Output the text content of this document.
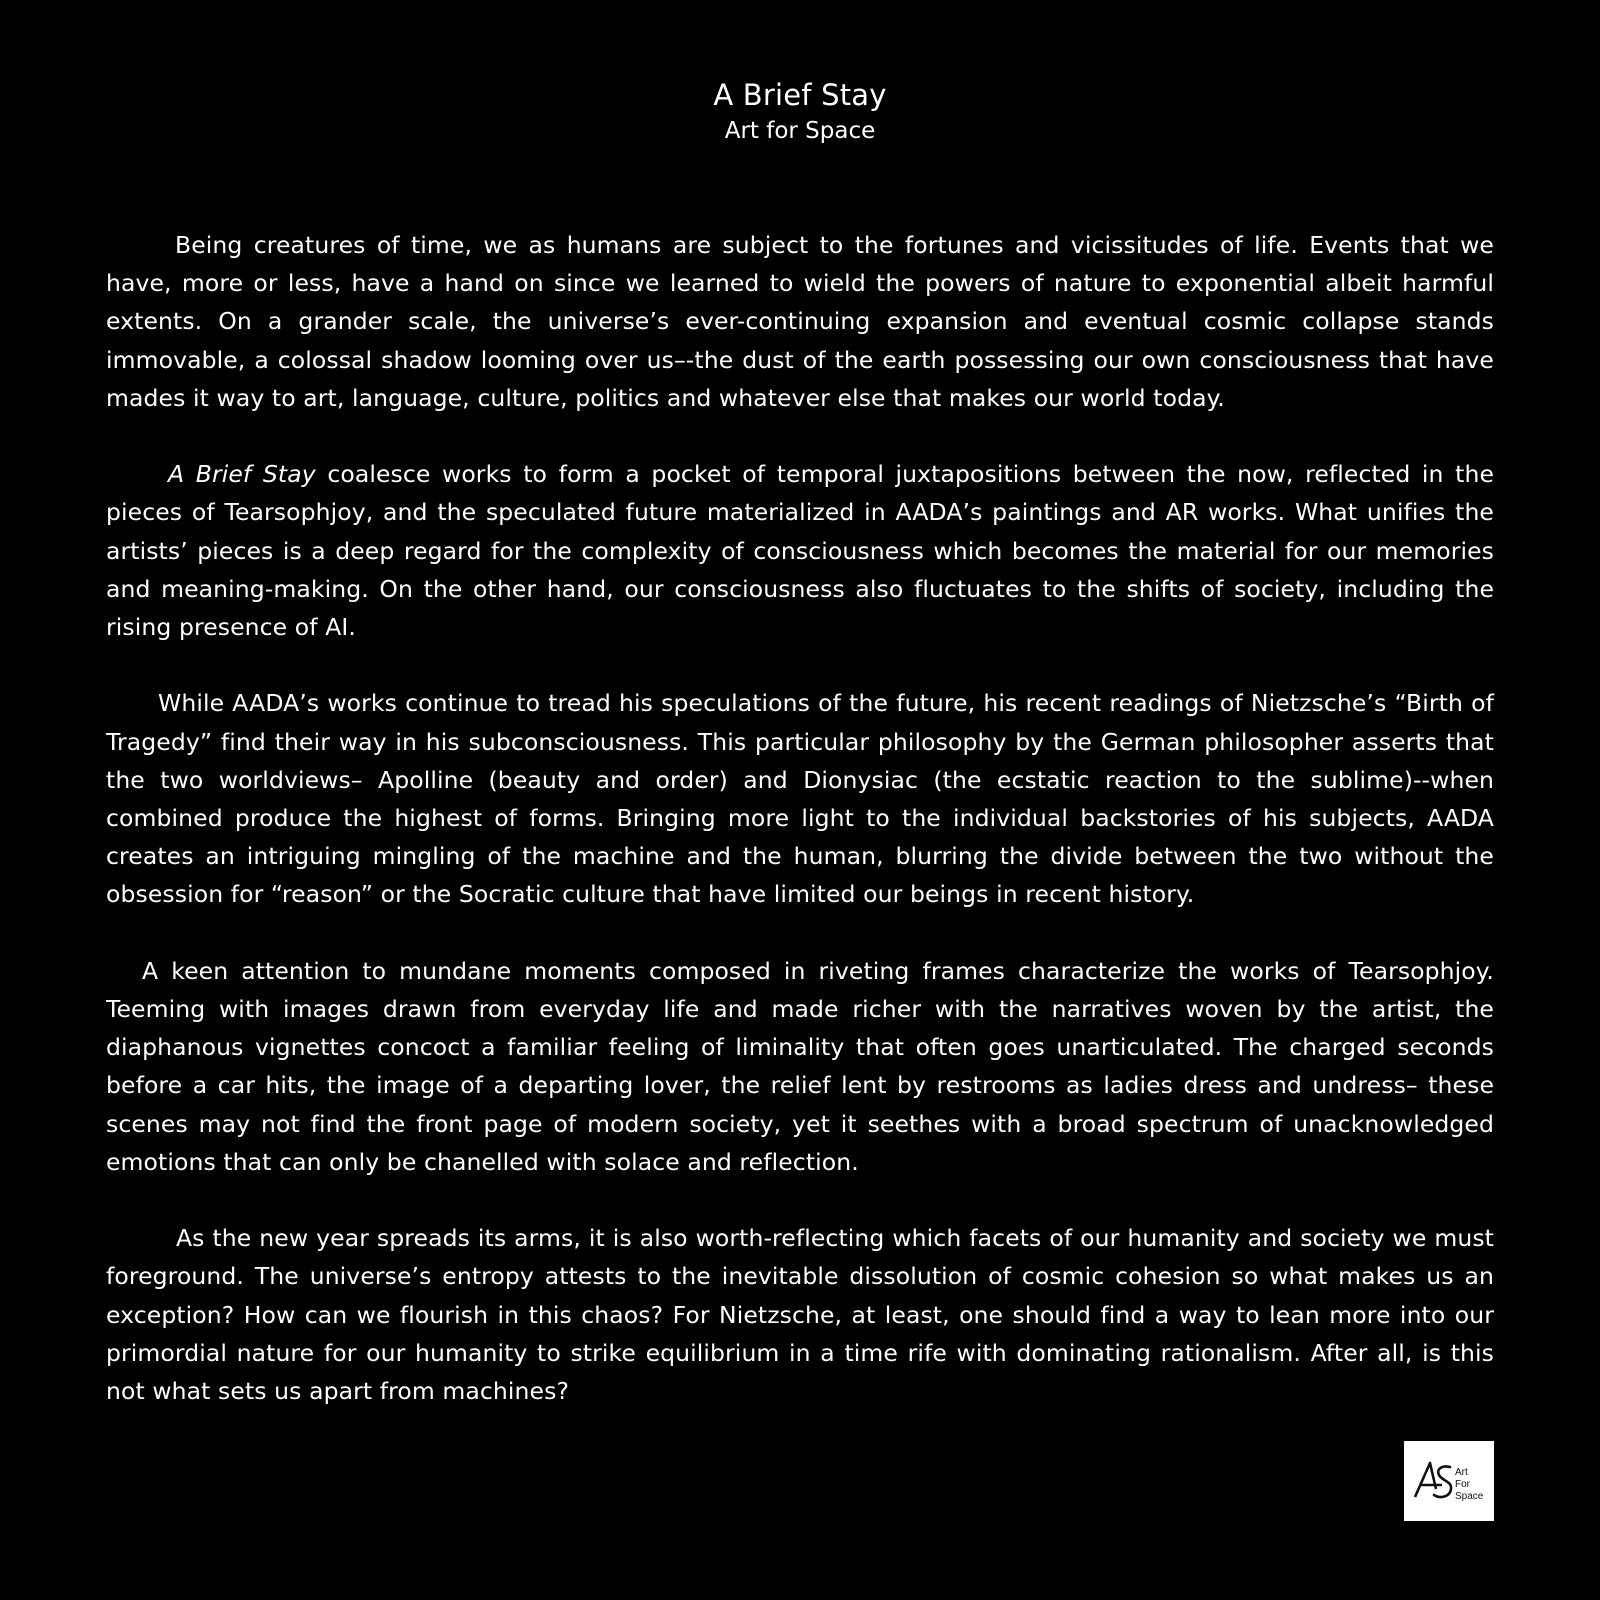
A Brief Stay
Art for Space

Being creatures of time, we as humans are subject to the fortunes and vicissitudes of life. Events that we have, more or less, have a hand on since we learned to wield the powers of nature to exponential albeit harmful extents. On a grander scale, the universe’s ever-continuing expansion and eventual cosmic collapse stands immovable, a colossal shadow looming over us–-the dust of the earth possessing our own consciousness that have mades it way to art, language, culture, politics and whatever else that makes our world today.

A Brief Stay coalesce works to form a pocket of temporal juxtapositions between the now, reflected in the pieces of Tearsophjoy, and the speculated future materialized in AADA’s paintings and AR works. What unifies the artists’ pieces is a deep regard for the complexity of consciousness which becomes the material for our memories and meaning-making. On the other hand, our consciousness also fluctuates to the shifts of society, including the rising presence of AI.

While AADA’s works continue to tread his speculations of the future, his recent readings of Nietzsche’s “Birth of Tragedy” find their way in his subconsciousness. This particular philosophy by the German philosopher asserts that the two worldviews– Apolline (beauty and order) and Dionysiac (the ecstatic reaction to the sublime)--when combined produce the highest of forms. Bringing more light to the individual backstories of his subjects, AADA creates an intriguing mingling of the machine and the human, blurring the divide between the two without the obsession for “reason” or the Socratic culture that have limited our beings in recent history.

A keen attention to mundane moments composed in riveting frames characterize the works of Tearsophjoy. Teeming with images drawn from everyday life and made richer with the narratives woven by the artist, the diaphanous vignettes concoct a familiar feeling of liminality that often goes unarticulated. The charged seconds before a car hits, the image of a departing lover, the relief lent by restrooms as ladies dress and undress– these scenes may not find the front page of modern society, yet it seethes with a broad spectrum of unacknowledged emotions that can only be chanelled with solace and reflection.

As the new year spreads its arms, it is also worth-reflecting which facets of our humanity and society we must foreground. The universe’s entropy attests to the inevitable dissolution of cosmic cohesion so what makes us an exception? How can we flourish in this chaos? For Nietzsche, at least, one should find a way to lean more into our primordial nature for our humanity to strike equilibrium in a time rife with dominating rationalism. After all, is this not what sets us apart from machines?

Art
For
Space
